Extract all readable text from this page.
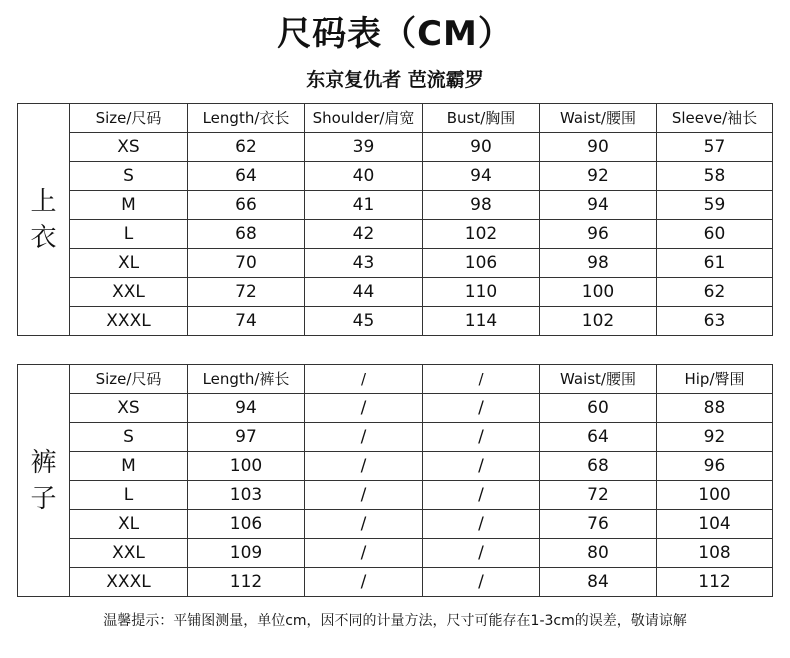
尺码表（CM）
东京复仇者 芭流霸罗
上
衣	Size/尺码	Length/衣长	Shoulder/肩宽	Bust/胸围	Waist/腰围	Sleeve/袖长
	XS	62	39	90	90	57
	S	64	40	94	92	58
	M	66	41	98	94	59
	L	68	42	102	96	60
	XL	70	43	106	98	61
	XXL	72	44	110	100	62
	XXXL	74	45	114	102	63
裤
子	Size/尺码	Length/裤长	/	/	Waist/腰围	Hip/臀围
	XS	94	/	/	60	88
	S	97	/	/	64	92
	M	100	/	/	68	96
	L	103	/	/	72	100
	XL	106	/	/	76	104
	XXL	109	/	/	80	108
	XXXL	112	/	/	84	112
温馨提示：平铺图测量，单位cm，因不同的计量方法，尺寸可能存在1-3cm的误差，敬请谅解
